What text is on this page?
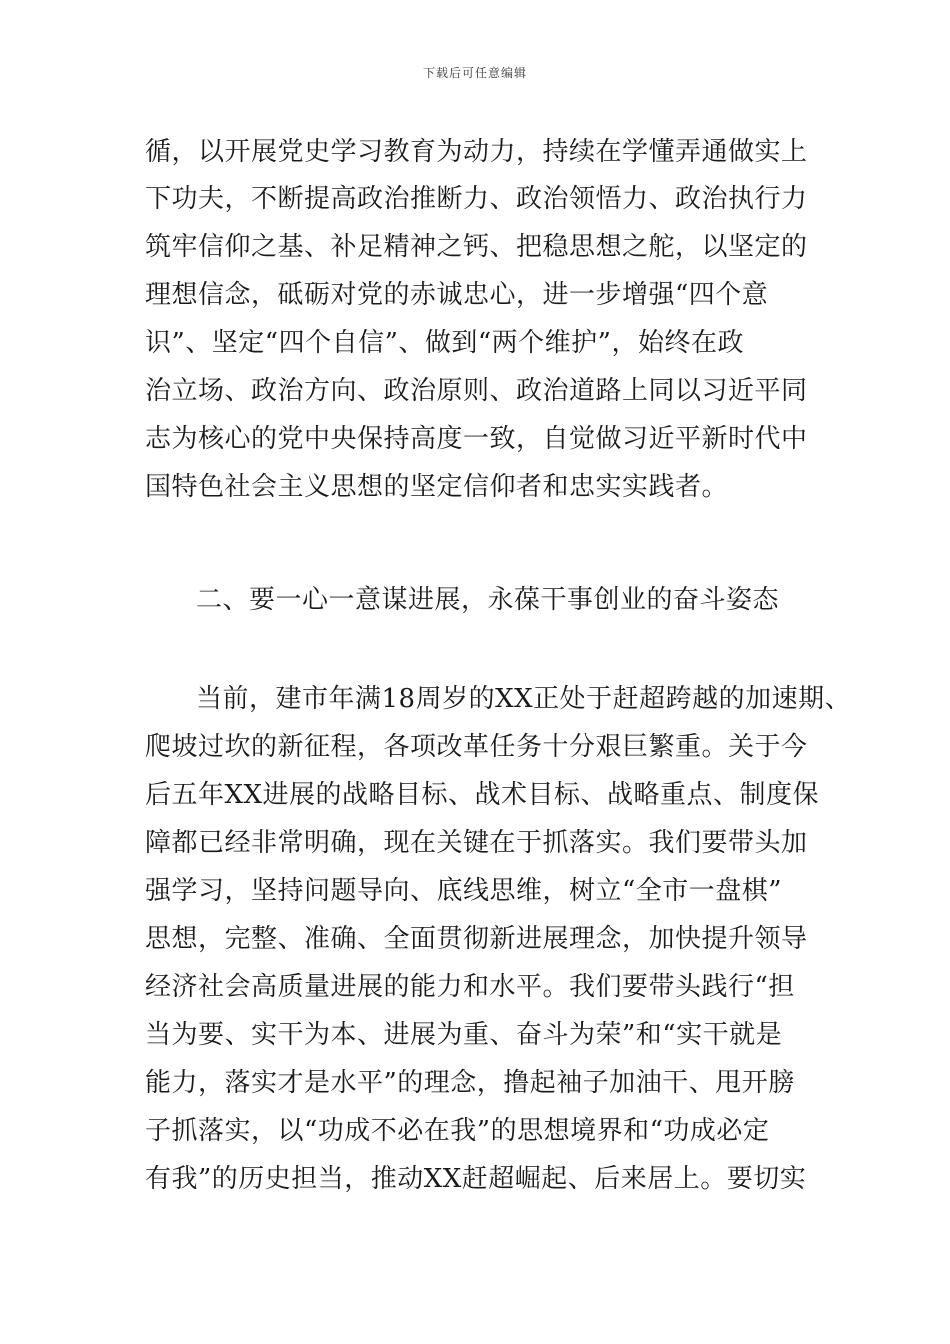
下载后可任意编辑
循，以开展党史学习教育为动力，持续在学懂弄通做实上
下功夫，不断提高政治推断力、政治领悟力、政治执行力
筑牢信仰之基、补足精神之钙、把稳思想之舵，以坚定的
理想信念，砥砺对党的赤诚忠心，进一步增强“四个意
识”、坚定“四个自信”、做到“两个维护”，始终在政
治立场、政治方向、政治原则、政治道路上同以习近平同
志为核心的党中央保持高度一致，自觉做习近平新时代中
国特色社会主义思想的坚定信仰者和忠实实践者。
二、要一心一意谋进展，永葆干事创业的奋斗姿态
当前，建市年满18周岁的XX正处于赶超跨越的加速期、
爬坡过坎的新征程，各项改革任务十分艰巨繁重。关于今
后五年XX进展的战略目标、战术目标、战略重点、制度保
障都已经非常明确，现在关键在于抓落实。我们要带头加
强学习，坚持问题导向、底线思维，树立“全市一盘棋”
思想，完整、准确、全面贯彻新进展理念，加快提升领导
经济社会高质量进展的能力和水平。我们要带头践行“担
当为要、实干为本、进展为重、奋斗为荣”和“实干就是
能力，落实才是水平”的理念，撸起袖子加油干、甩开膀
子抓落实，以“功成不必在我”的思想境界和“功成必定
有我”的历史担当，推动XX赶超崛起、后来居上。要切实
